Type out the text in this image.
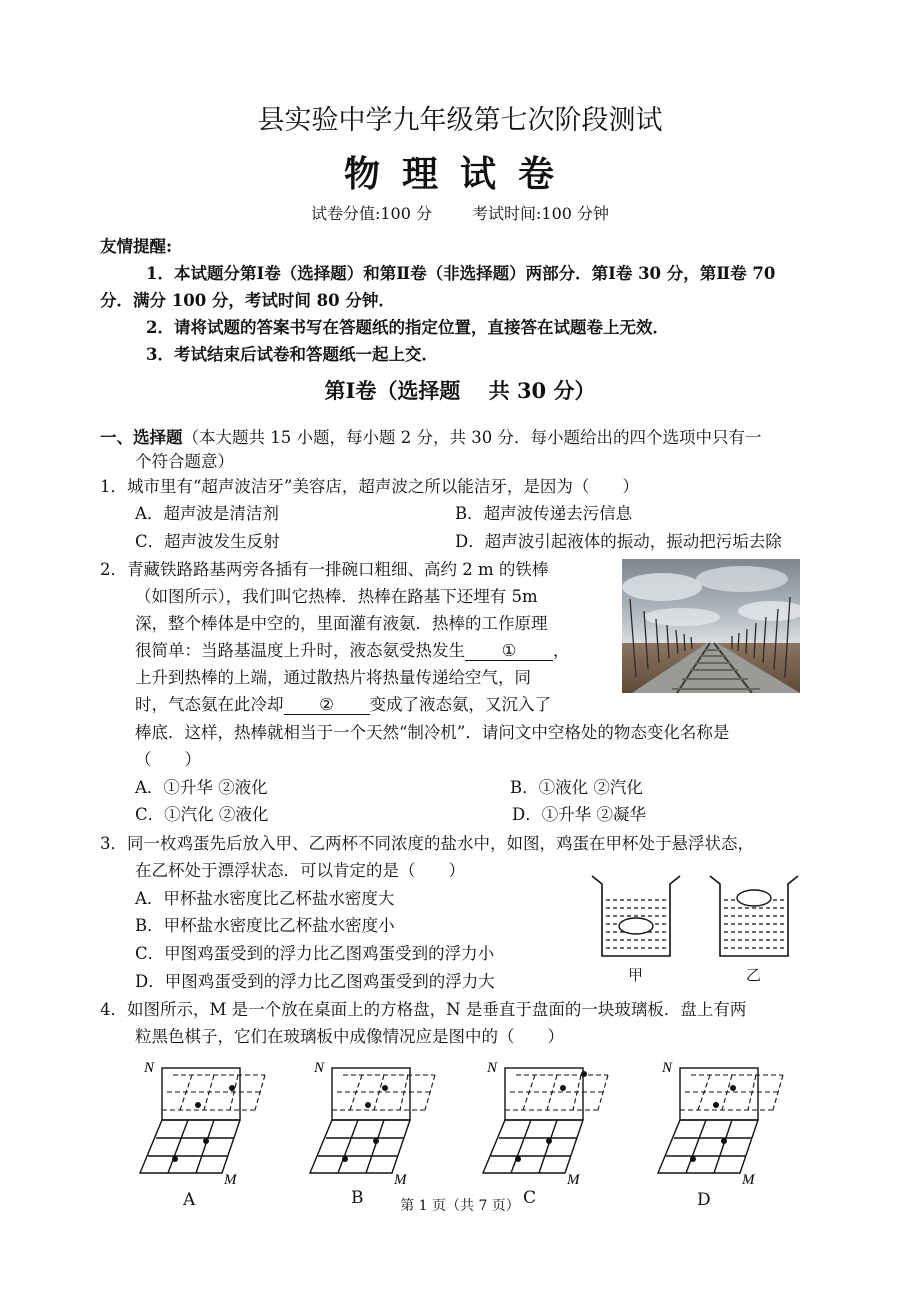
县实验中学九年级第七次阶段测试
物理试卷
试卷分值:100 分	考试时间:100 分钟
友情提醒:
1．本试题分第Ⅰ卷（选择题）和第Ⅱ卷（非选择题）两部分．第Ⅰ卷 30 分，第Ⅱ卷 70
分．满分 100 分，考试时间 80 分钟．
2．请将试题的答案书写在答题纸的指定位置，直接答在试题卷上无效．
3．考试结束后试卷和答题纸一起上交．
第Ⅰ卷（选择题　 共 30 分）
一、选择题（本大题共 15 小题，每小题 2 分，共 30 分．每小题给出的四个选项中只有一
个符合题意）
1．城市里有“超声波洁牙”美容店，超声波之所以能洁牙，是因为（　　）
A．超声波是清洁剂	B．超声波传递去污信息
C．超声波发生反射	D．超声波引起液体的振动，振动把污垢去除
2．青藏铁路路基两旁各插有一排碗口粗细、高约 2 m 的铁棒
（如图所示），我们叫它热棒．热棒在路基下还埋有 5m
深，整个棒体是中空的，里面灌有液氨．热棒的工作原理
很简单：当路基温度上升时，液态氨受热发生 ① ，
上升到热棒的上端，通过散热片将热量传递给空气，同
时，气态氨在此冷却 ② 变成了液态氨，又沉入了
棒底．这样，热棒就相当于一个天然“制冷机”．请问文中空格处的物态变化名称是
（　　）
A．①升华 ②液化	B．①液化 ②汽化
C．①汽化 ②液化	D．①升华 ②凝华
3．同一枚鸡蛋先后放入甲、乙两杯不同浓度的盐水中，如图，鸡蛋在甲杯处于悬浮状态，
在乙杯处于漂浮状态．可以肯定的是（　　）
A．甲杯盐水密度比乙杯盐水密度大
B．甲杯盐水密度比乙杯盐水密度小
C．甲图鸡蛋受到的浮力比乙图鸡蛋受到的浮力小
D．甲图鸡蛋受到的浮力比乙图鸡蛋受到的浮力大	甲	乙
4．如图所示，M 是一个放在桌面上的方格盘，N 是垂直于盘面的一块玻璃板．盘上有两
粒黑色棋子，它们在玻璃板中成像情况应是图中的（　　）
N
M
N
M
N
M
N
M
A	B	C	D
第 1 页（共 7 页）
